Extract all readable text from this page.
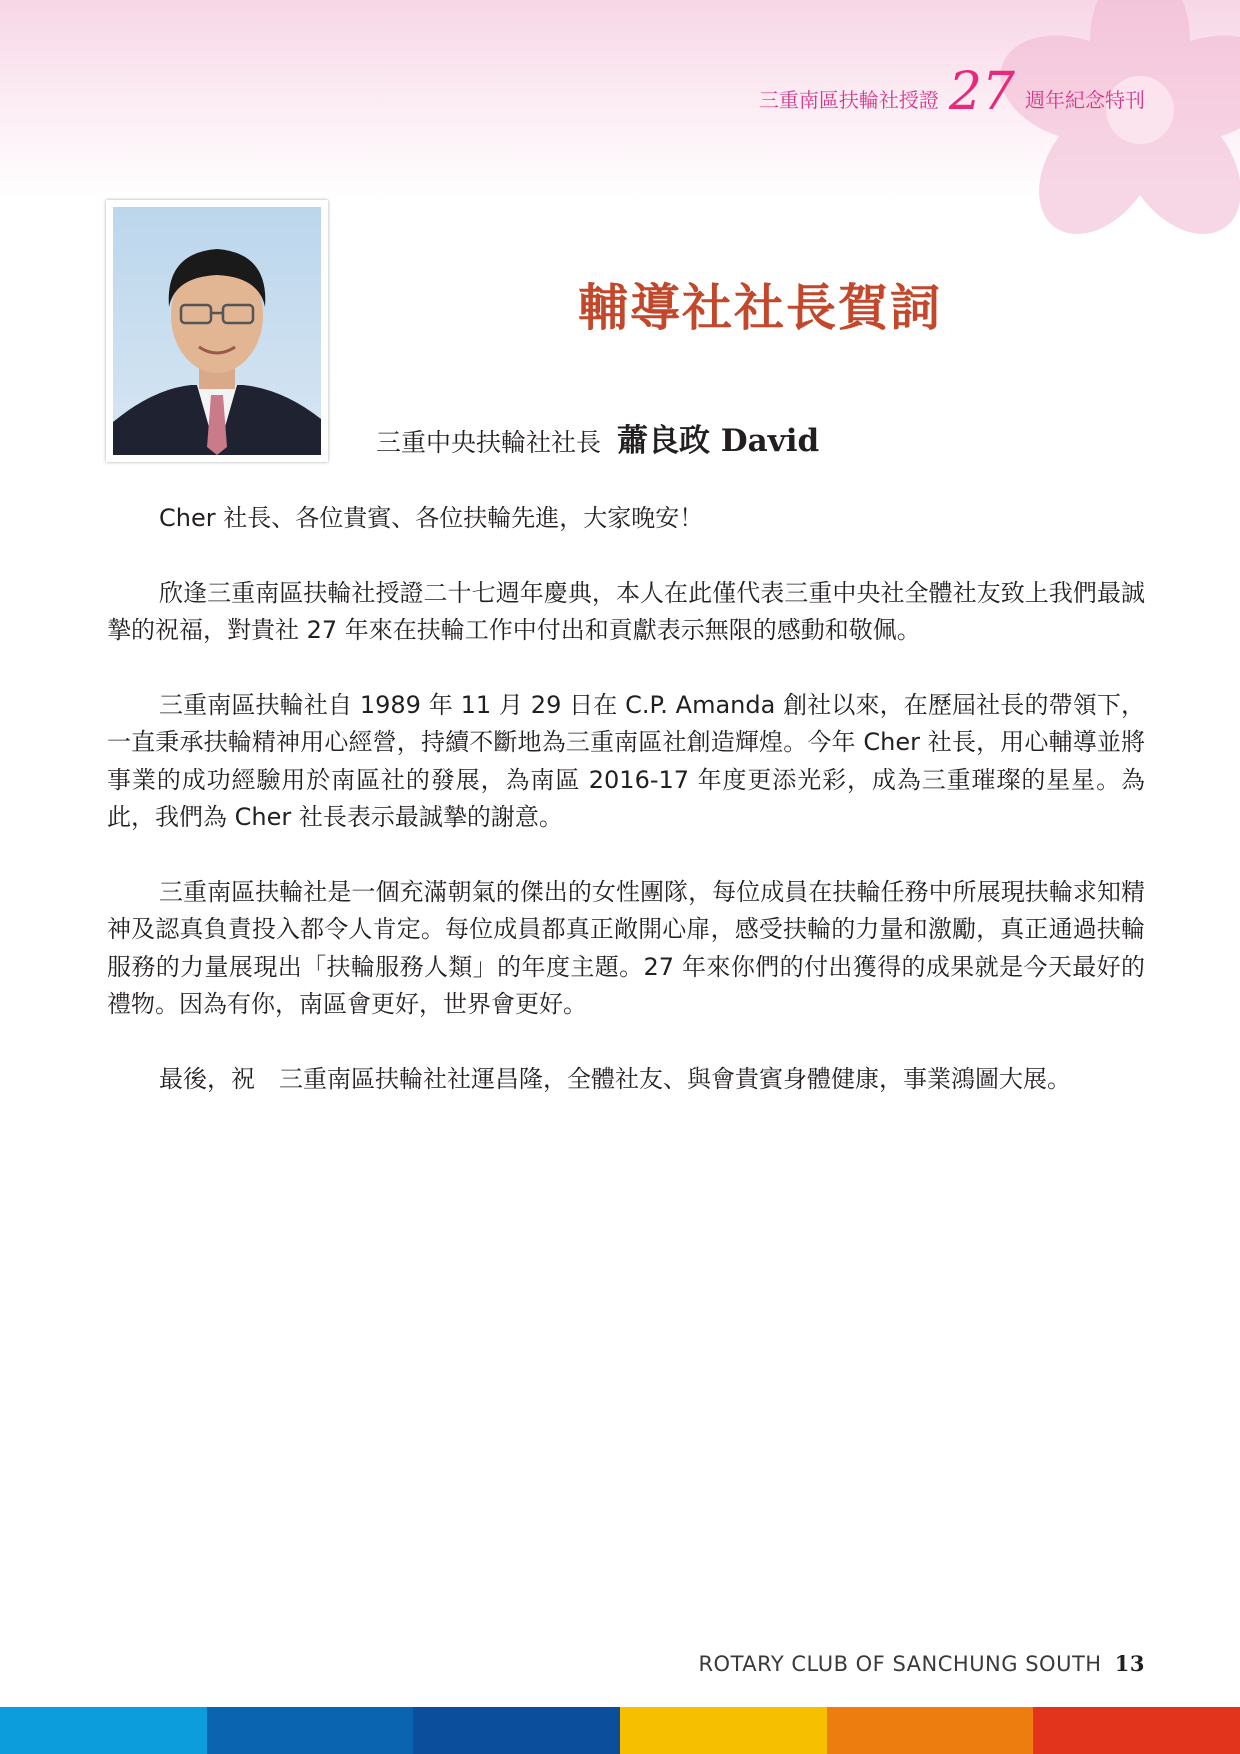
三重南區扶輪社授證 27 週年紀念特刊
輔導社社長賀詞
三重中央扶輪社社長 蕭良政 David

Cher 社長、各位貴賓、各位扶輪先進，大家晚安！

欣逢三重南區扶輪社授證二十七週年慶典，本人在此僅代表三重中央社全體社友致上我們最誠摯的祝福，對貴社 27 年來在扶輪工作中付出和貢獻表示無限的感動和敬佩。

三重南區扶輪社自 1989 年 11 月 29 日在 C.P. Amanda 創社以來，在歷屆社長的帶領下，一直秉承扶輪精神用心經營，持續不斷地為三重南區社創造輝煌。今年 Cher 社長，用心輔導並將事業的成功經驗用於南區社的發展，為南區 2016-17 年度更添光彩，成為三重璀璨的星星。為此，我們為 Cher 社長表示最誠摯的謝意。

三重南區扶輪社是一個充滿朝氣的傑出的女性團隊，每位成員在扶輪任務中所展現扶輪求知精神及認真負責投入都令人肯定。每位成員都真正敞開心扉，感受扶輪的力量和激勵，真正通過扶輪服務的力量展現出「扶輪服務人類」的年度主題。27 年來你們的付出獲得的成果就是今天最好的禮物。因為有你，南區會更好，世界會更好。

最後，祝　三重南區扶輪社社運昌隆，全體社友、與會貴賓身體健康，事業鴻圖大展。

ROTARY CLUB OF SANCHUNG SOUTH 13
